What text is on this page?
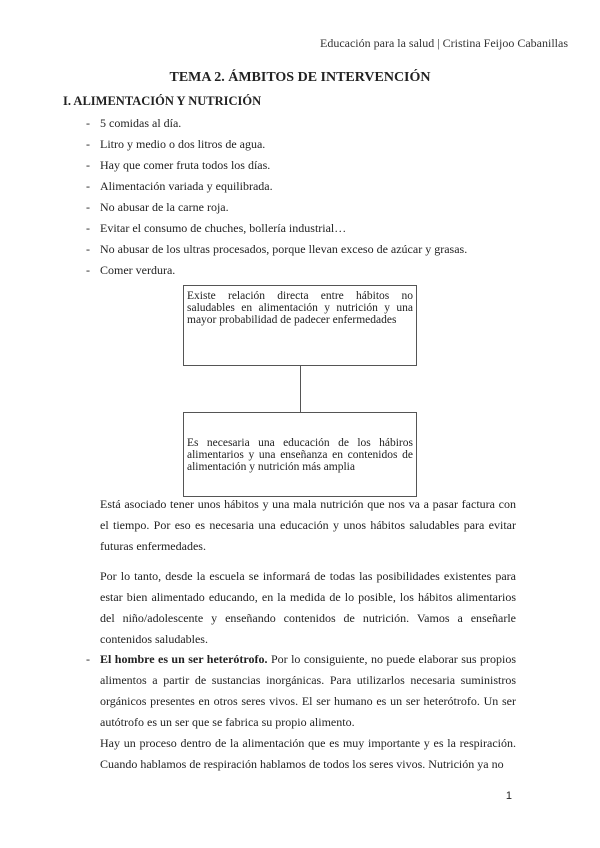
Educación para la salud | Cristina Feijoo Cabanillas
TEMA 2. ÁMBITOS DE INTERVENCIÓN
I. ALIMENTACIÓN Y NUTRICIÓN
- 5 comidas al día.
- Litro y medio o dos litros de agua.
- Hay que comer fruta todos los días.
- Alimentación variada y equilibrada.
- No abusar de la carne roja.
- Evitar el consumo de chuches, bollería industrial…
- No abusar de los ultras procesados, porque llevan exceso de azúcar y grasas.
- Comer verdura.
Existe relación directa entre hábitos no saludables en alimentación y nutrición y una mayor probabilidad de padecer enfermedades
Es necesaria una educación de los hábiros alimentarios y una enseñanza en contenidos de alimentación y nutrición más amplia

Está asociado tener unos hábitos y una mala nutrición que nos va a pasar factura con el tiempo. Por eso es necesaria una educación y unos hábitos saludables para evitar futuras enfermedades.

Por lo tanto, desde la escuela se informará de todas las posibilidades existentes para estar bien alimentado educando, en la medida de lo posible, los hábitos alimentarios del niño/adolescente y enseñando contenidos de nutrición. Vamos a enseñarle contenidos saludables.

- El hombre es un ser heterótrofo. Por lo consiguiente, no puede elaborar sus propios alimentos a partir de sustancias inorgánicas. Para utilizarlos necesaria suministros orgánicos presentes en otros seres vivos. El ser humano es un ser heterótrofo. Un ser autótrofo es un ser que se fabrica su propio alimento.

Hay un proceso dentro de la alimentación que es muy importante y es la respiración. Cuando hablamos de respiración hablamos de todos los seres vivos. Nutrición ya no

1
